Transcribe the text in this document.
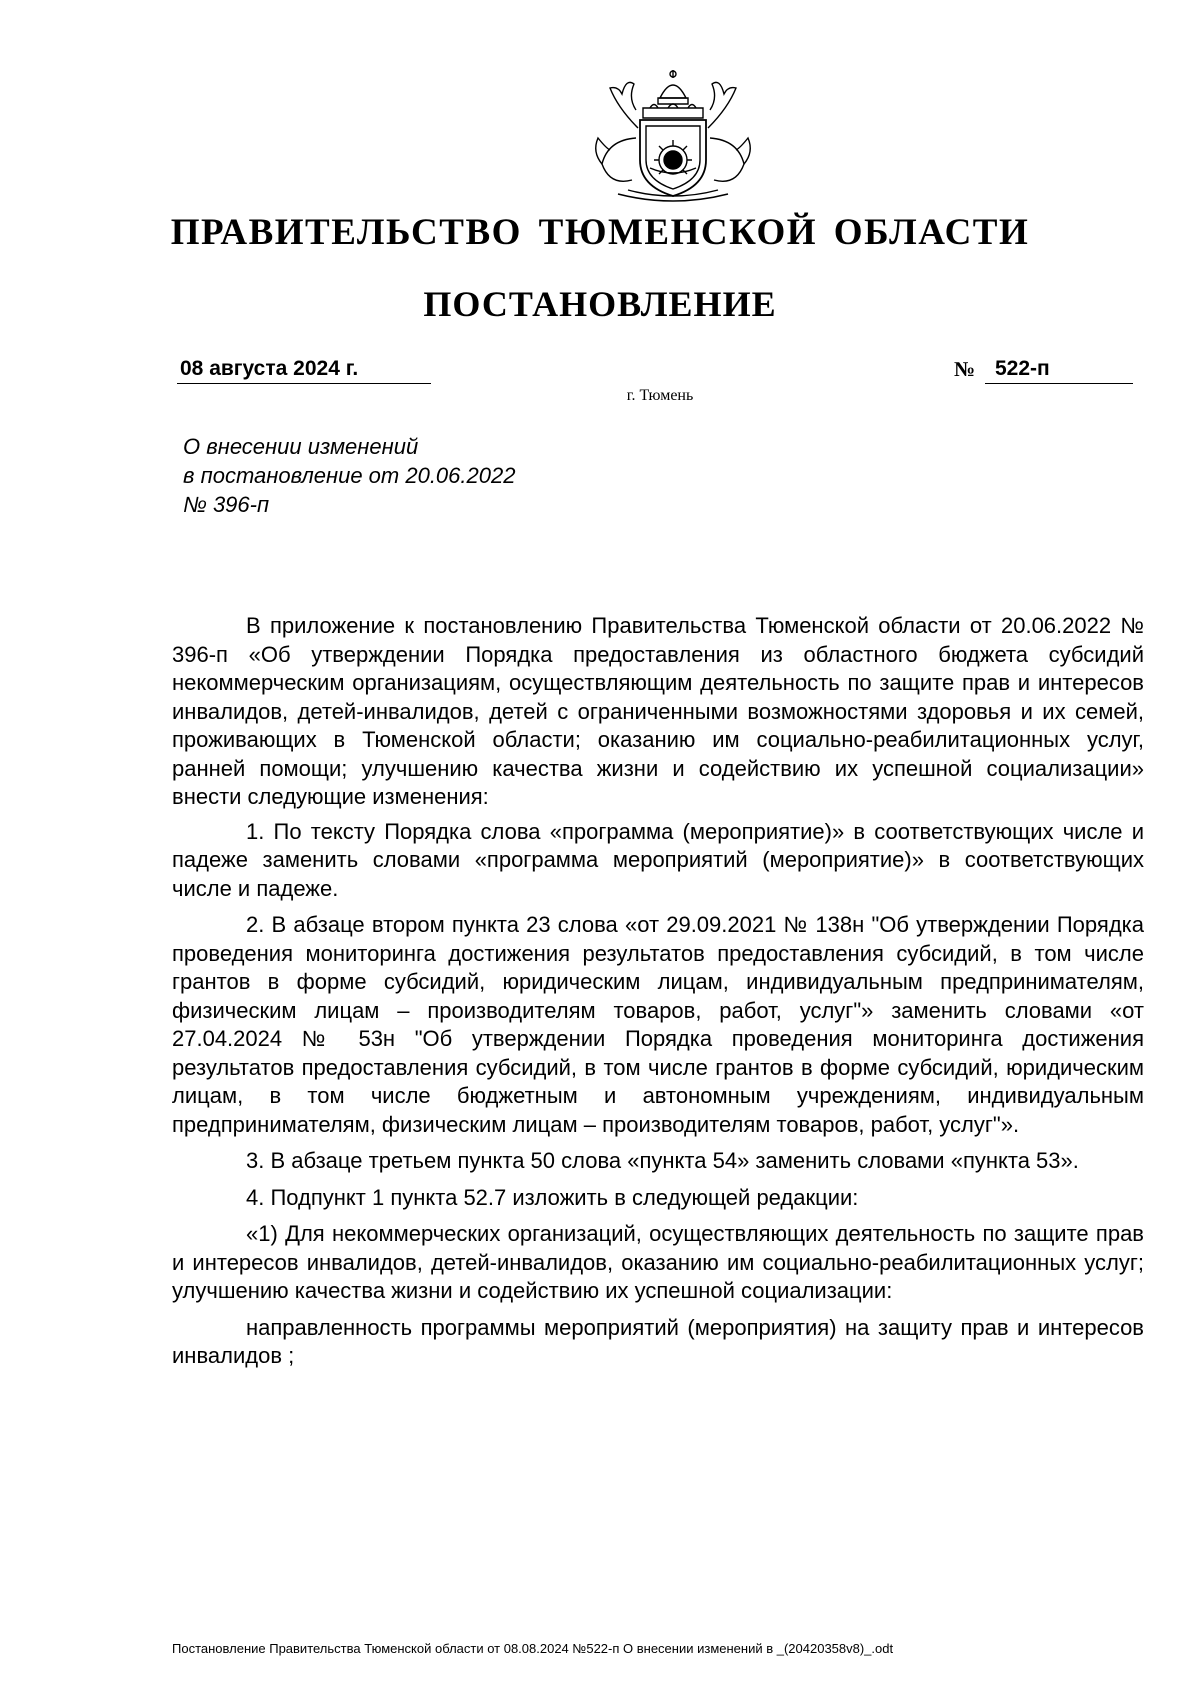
ПРАВИТЕЛЬСТВО ТЮМЕНСКОЙ ОБЛАСТИ
ПОСТАНОВЛЕНИЕ
08 августа 2024 г.	№ 522-п
г. Тюмень
О внесении изменений
в постановление от 20.06.2022
№ 396-п

В приложение к постановлению Правительства Тюменской области от 20.06.2022 № 396-п «Об утверждении Порядка предоставления из областного бюджета субсидий некоммерческим организациям, осуществляющим деятельность по защите прав и интересов инвалидов, детей-инвалидов, детей с ограниченными возможностями здоровья и их семей, проживающих в Тюменской области; оказанию им социально-реабилитационных услуг, ранней помощи; улучшению качества жизни и содействию их успешной социализации» внести следующие изменения:

1. По тексту Порядка слова «программа (мероприятие)» в соответствующих числе и падеже заменить словами «программа мероприятий (мероприятие)» в соответствующих числе и падеже.

2. В абзаце втором пункта 23 слова «от 29.09.2021 № 138н "Об утверждении Порядка проведения мониторинга достижения результатов предоставления субсидий, в том числе грантов в форме субсидий, юридическим лицам, индивидуальным предпринимателям, физическим лицам – производителям товаров, работ, услуг"» заменить словами «от 27.04.2024 № 53н "Об утверждении Порядка проведения мониторинга достижения результатов предоставления субсидий, в том числе грантов в форме субсидий, юридическим лицам, в том числе бюджетным и автономным учреждениям, индивидуальным предпринимателям, физическим лицам – производителям товаров, работ, услуг"».

3. В абзаце третьем пункта 50 слова «пункта 54» заменить словами «пункта 53».

4. Подпункт 1 пункта 52.7 изложить в следующей редакции:

«1) Для некоммерческих организаций, осуществляющих деятельность по защите прав и интересов инвалидов, детей-инвалидов, оказанию им социально-реабилитационных услуг; улучшению качества жизни и содействию их успешной социализации:

направленность программы мероприятий (мероприятия) на защиту прав и интересов инвалидов ;

Постановление Правительства Тюменской области от 08.08.2024 №522-п О внесении изменений в _(20420358v8)_.odt
